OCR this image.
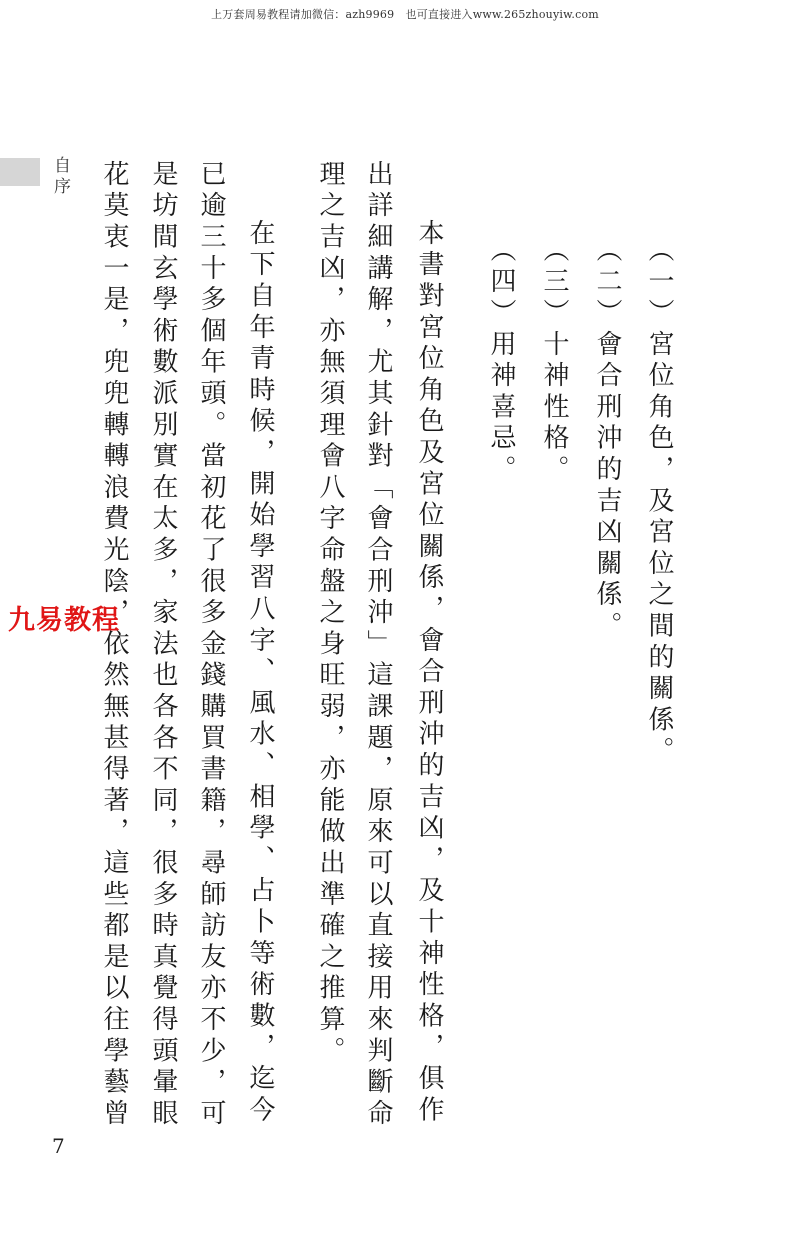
上万套周易教程请加微信：azh9969　也可直接进入www.265zhouyiw.com
自序
（一）宮位角色，及宮位之間的關係。
（二）會合刑沖的吉凶關係。
（三）十神性格。
（四）用神喜忌。
本書對宮位角色及宮位關係，會合刑沖的吉凶，及十神性格，俱作
出詳細講解，尤其針對「會合刑沖」這課題，原來可以直接用來判斷命
理之吉凶，亦無須理會八字命盤之身旺弱，亦能做出準確之推算。
在下自年青時候，開始學習八字、風水、相學、占卜等術數，迄今
已逾三十多個年頭。當初花了很多金錢購買書籍，尋師訪友亦不少，可
是坊間玄學術數派別實在太多，家法也各各不同，很多時真覺得頭暈眼
花莫衷一是，兜兜轉轉浪費光陰，依然無甚得著，這些都是以往學藝曾
九易教程
7
